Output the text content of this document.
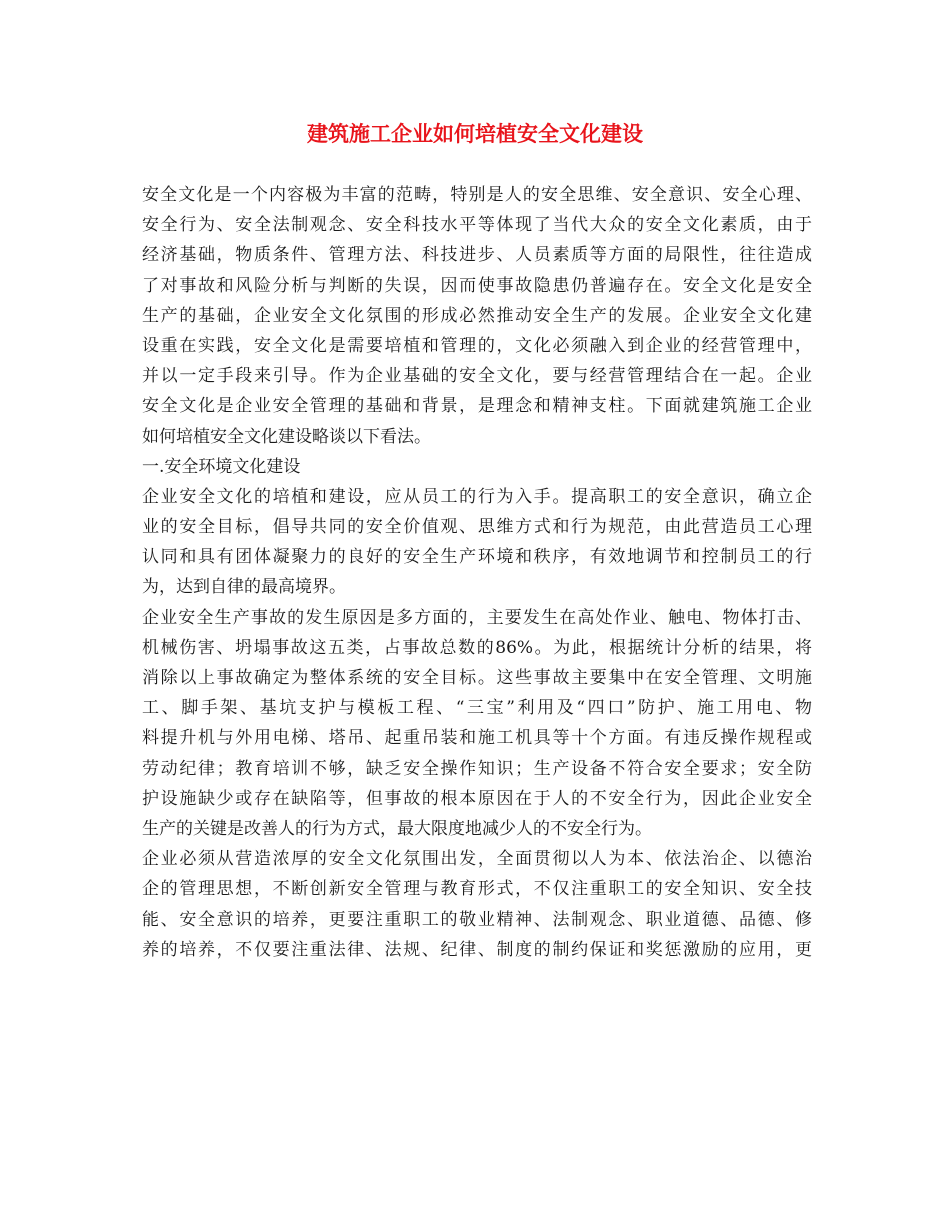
建筑施工企业如何培植安全文化建设
安全文化是一个内容极为丰富的范畴，特别是人的安全思维、安全意识、安全心理、
安全行为、安全法制观念、安全科技水平等体现了当代大众的安全文化素质，由于
经济基础，物质条件、管理方法、科技进步、人员素质等方面的局限性，往往造成
了对事故和风险分析与判断的失误，因而使事故隐患仍普遍存在。安全文化是安全
生产的基础，企业安全文化氛围的形成必然推动安全生产的发展。企业安全文化建
设重在实践，安全文化是需要培植和管理的，文化必须融入到企业的经营管理中，
并以一定手段来引导。作为企业基础的安全文化，要与经营管理结合在一起。企业
安全文化是企业安全管理的基础和背景，是理念和精神支柱。下面就建筑施工企业
如何培植安全文化建设略谈以下看法。
一.安全环境文化建设
企业安全文化的培植和建设，应从员工的行为入手。提高职工的安全意识，确立企
业的安全目标，倡导共同的安全价值观、思维方式和行为规范，由此营造员工心理
认同和具有团体凝聚力的良好的安全生产环境和秩序，有效地调节和控制员工的行
为，达到自律的最高境界。
企业安全生产事故的发生原因是多方面的，主要发生在高处作业、触电、物体打击、
机械伤害、坍塌事故这五类，占事故总数的86%。为此，根据统计分析的结果，将
消除以上事故确定为整体系统的安全目标。这些事故主要集中在安全管理、文明施
工、脚手架、基坑支护与模板工程、“三宝”利用及“四口”防护、施工用电、物
料提升机与外用电梯、塔吊、起重吊装和施工机具等十个方面。有违反操作规程或
劳动纪律；教育培训不够，缺乏安全操作知识；生产设备不符合安全要求；安全防
护设施缺少或存在缺陷等，但事故的根本原因在于人的不安全行为，因此企业安全
生产的关键是改善人的行为方式，最大限度地减少人的不安全行为。
企业必须从营造浓厚的安全文化氛围出发，全面贯彻以人为本、依法治企、以德治
企的管理思想，不断创新安全管理与教育形式，不仅注重职工的安全知识、安全技
能、安全意识的培养，更要注重职工的敬业精神、法制观念、职业道德、品德、修
养的培养，不仅要注重法律、法规、纪律、制度的制约保证和奖惩激励的应用，更
